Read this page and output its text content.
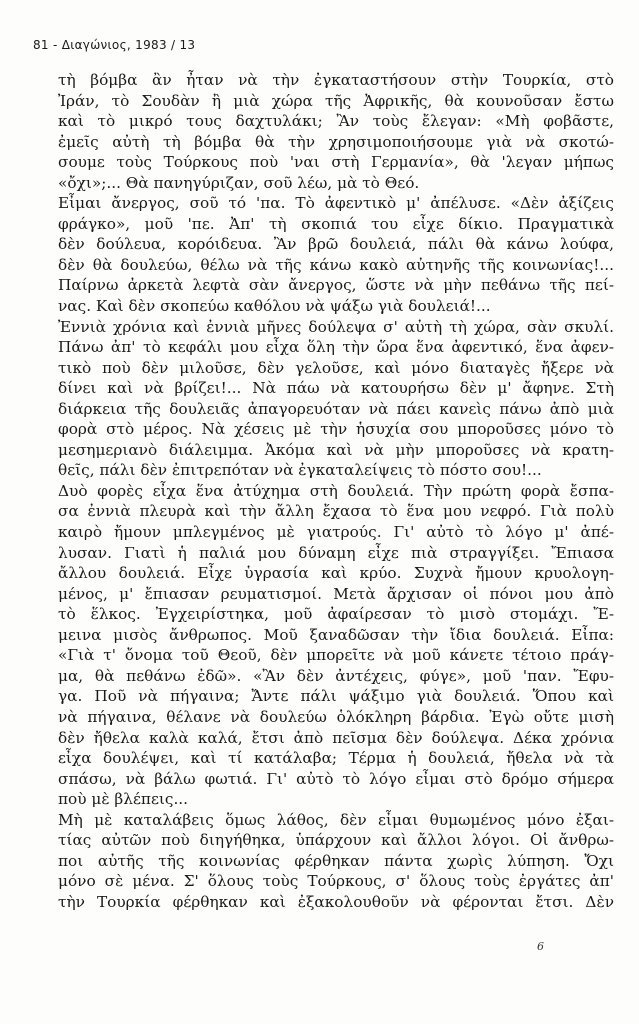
81 - Διαγώνιος, 1983 / 13
τὴ βόμβα ἂν ἦταν νὰ τὴν ἐγκαταστήσουν στὴν Τουρκία, στὸ
Ἰράν, τὸ Σουδὰν ἢ μιὰ χώρα τῆς Ἀφρικῆς, θὰ κουνοῦσαν ἔστω
καὶ τὸ μικρό τους δαχτυλάκι; Ἂν τοὺς ἔλεγαν: «Μὴ φοβᾶστε,
ἐμεῖς αὐτὴ τὴ βόμβα θὰ τὴν χρησιμοποιήσουμε γιὰ νὰ σκοτώ-
σουμε τοὺς Τούρκους ποὺ 'ναι στὴ Γερμανία», θὰ 'λεγαν μήπως
«ὄχι»;... Θὰ πανηγύριζαν, σοῦ λέω, μὰ τὸ Θεό.
Εἶμαι ἄνεργος, σοῦ τό 'πα. Τὸ ἀφεντικὸ μ' ἀπέλυσε. «Δὲν ἀξίζεις
φράγκο», μοῦ 'πε. Ἀπ' τὴ σκοπιά του εἶχε δίκιο. Πραγματικὰ
δὲν δούλευα, κορόιδευα. Ἂν βρῶ δουλειά, πάλι θὰ κάνω λούφα,
δὲν θὰ δουλεύω, θέλω νὰ τῆς κάνω κακὸ αὐτηνῆς τῆς κοινωνίας!...
Παίρνω ἀρκετὰ λεφτὰ σὰν ἄνεργος, ὥστε νὰ μὴν πεθάνω τῆς πεί-
νας. Καὶ δὲν σκοπεύω καθόλου νὰ ψάξω γιὰ δουλειά!...
Ἐννιὰ χρόνια καὶ ἐννιὰ μῆνες δούλεψα σ' αὐτὴ τὴ χώρα, σὰν σκυλί.
Πάνω ἀπ' τὸ κεφάλι μου εἶχα ὅλη τὴν ὥρα ἕνα ἀφεντικό, ἕνα ἀφεν-
τικὸ ποὺ δὲν μιλοῦσε, δὲν γελοῦσε, καὶ μόνο διαταγὲς ἤξερε νὰ
δίνει καὶ νὰ βρίζει!... Νὰ πάω νὰ κατουρήσω δὲν μ' ἄφηνε. Στὴ
διάρκεια τῆς δουλειᾶς ἀπαγορευόταν νὰ πάει κανεὶς πάνω ἀπὸ μιὰ
φορὰ στὸ μέρος. Νὰ χέσεις μὲ τὴν ἡσυχία σου μποροῦσες μόνο τὸ
μεσημεριανὸ διάλειμμα. Ἀκόμα καὶ νὰ μὴν μποροῦσες νὰ κρατη-
θεῖς, πάλι δὲν ἐπιτρεπόταν νὰ ἐγκαταλείψεις τὸ πόστο σου!...
Δυὸ φορὲς εἶχα ἕνα ἀτύχημα στὴ δουλειά. Τὴν πρώτη φορὰ ἔσπα-
σα ἐννιὰ πλευρὰ καὶ τὴν ἄλλη ἔχασα τὸ ἕνα μου νεφρό. Γιὰ πολὺ
καιρὸ ἤμουν μπλεγμένος μὲ γιατρούς. Γι' αὐτὸ τὸ λόγο μ' ἀπέ-
λυσαν. Γιατὶ ἡ παλιά μου δύναμη εἶχε πιὰ στραγγίξει. Ἔπιασα
ἄλλου δουλειά. Εἶχε ὑγρασία καὶ κρύο. Συχνὰ ἤμουν κρυολογη-
μένος, μ' ἔπιασαν ρευματισμοί. Μετὰ ἄρχισαν οἱ πόνοι μου ἀπὸ
τὸ ἕλκος. Ἐγχειρίστηκα, μοῦ ἀφαίρεσαν τὸ μισὸ στομάχι. Ἔ-
μεινα μισὸς ἄνθρωπος. Μοῦ ξαναδῶσαν τὴν ἴδια δουλειά. Εἶπα:
«Γιὰ τ' ὄνομα τοῦ Θεοῦ, δὲν μπορεῖτε νὰ μοῦ κάνετε τέτοιο πράγ-
μα, θὰ πεθάνω ἐδῶ». «Ἂν δὲν ἀντέχεις, φύγε», μοῦ 'παν. Ἔφυ-
γα. Ποῦ νὰ πήγαινα; Ἄντε πάλι ψάξιμο γιὰ δουλειά. Ὅπου καὶ
νὰ πήγαινα, θέλανε νὰ δουλεύω ὁλόκληρη βάρδια. Ἐγὼ οὔτε μισὴ
δὲν ἤθελα καλὰ καλά, ἔτσι ἀπὸ πεῖσμα δὲν δούλεψα. Δέκα χρόνια
εἶχα δουλέψει, καὶ τί κατάλαβα; Τέρμα ἡ δουλειά, ἤθελα νὰ τὰ
σπάσω, νὰ βάλω φωτιά. Γι' αὐτὸ τὸ λόγο εἶμαι στὸ δρόμο σήμερα
ποὺ μὲ βλέπεις...
Μὴ μὲ καταλάβεις ὅμως λάθος, δὲν εἶμαι θυμωμένος μόνο ἐξαι-
τίας αὐτῶν ποὺ διηγήθηκα, ὑπάρχουν καὶ ἄλλοι λόγοι. Οἱ ἄνθρω-
ποι αὐτῆς τῆς κοινωνίας φέρθηκαν πάντα χωρὶς λύπηση. Ὄχι
μόνο σὲ μένα. Σ' ὅλους τοὺς Τούρκους, σ' ὅλους τοὺς ἐργάτες ἀπ'
τὴν Τουρκία φέρθηκαν καὶ ἐξακολουθοῦν νὰ φέρονται ἔτσι. Δὲν
6
